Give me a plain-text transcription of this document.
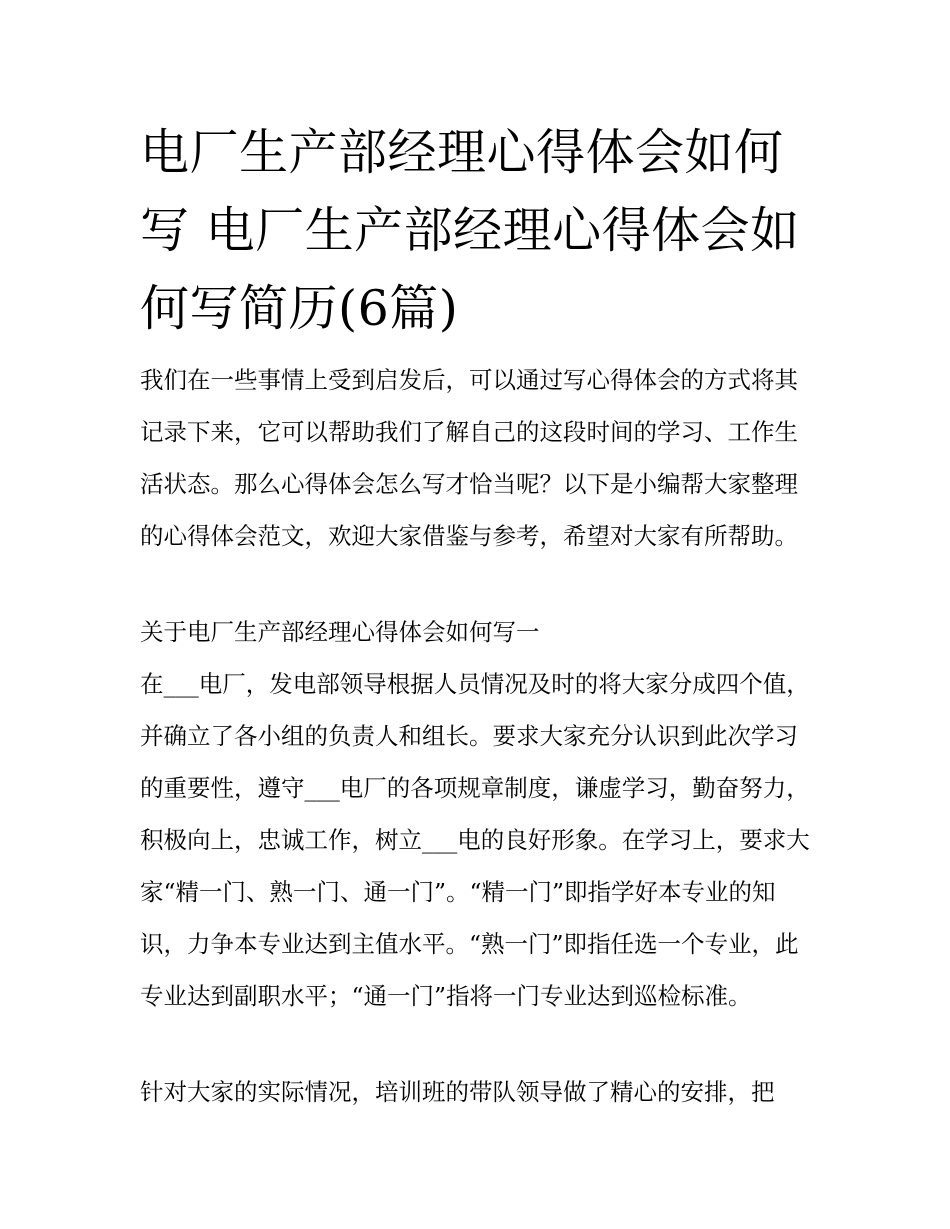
电厂生产部经理心得体会如何写 电厂生产部经理心得体会如何写简历(6篇)

我们在一些事情上受到启发后，可以通过写心得体会的方式将其记录下来，它可以帮助我们了解自己的这段时间的学习、工作生活状态。那么心得体会怎么写才恰当呢？以下是小编帮大家整理的心得体会范文，欢迎大家借鉴与参考，希望对大家有所帮助。

关于电厂生产部经理心得体会如何写一

在___电厂，发电部领导根据人员情况及时的将大家分成四个值，并确立了各小组的负责人和组长。要求大家充分认识到此次学习的重要性，遵守___电厂的各项规章制度，谦虚学习，勤奋努力，积极向上，忠诚工作，树立___电的良好形象。在学习上，要求大家“精一门、熟一门、通一门”。“精一门”即指学好本专业的知识，力争本专业达到主值水平。“熟一门”即指任选一个专业，此专业达到副职水平；“通一门”指将一门专业达到巡检标准。

针对大家的实际情况，培训班的带队领导做了精心的安排，把
